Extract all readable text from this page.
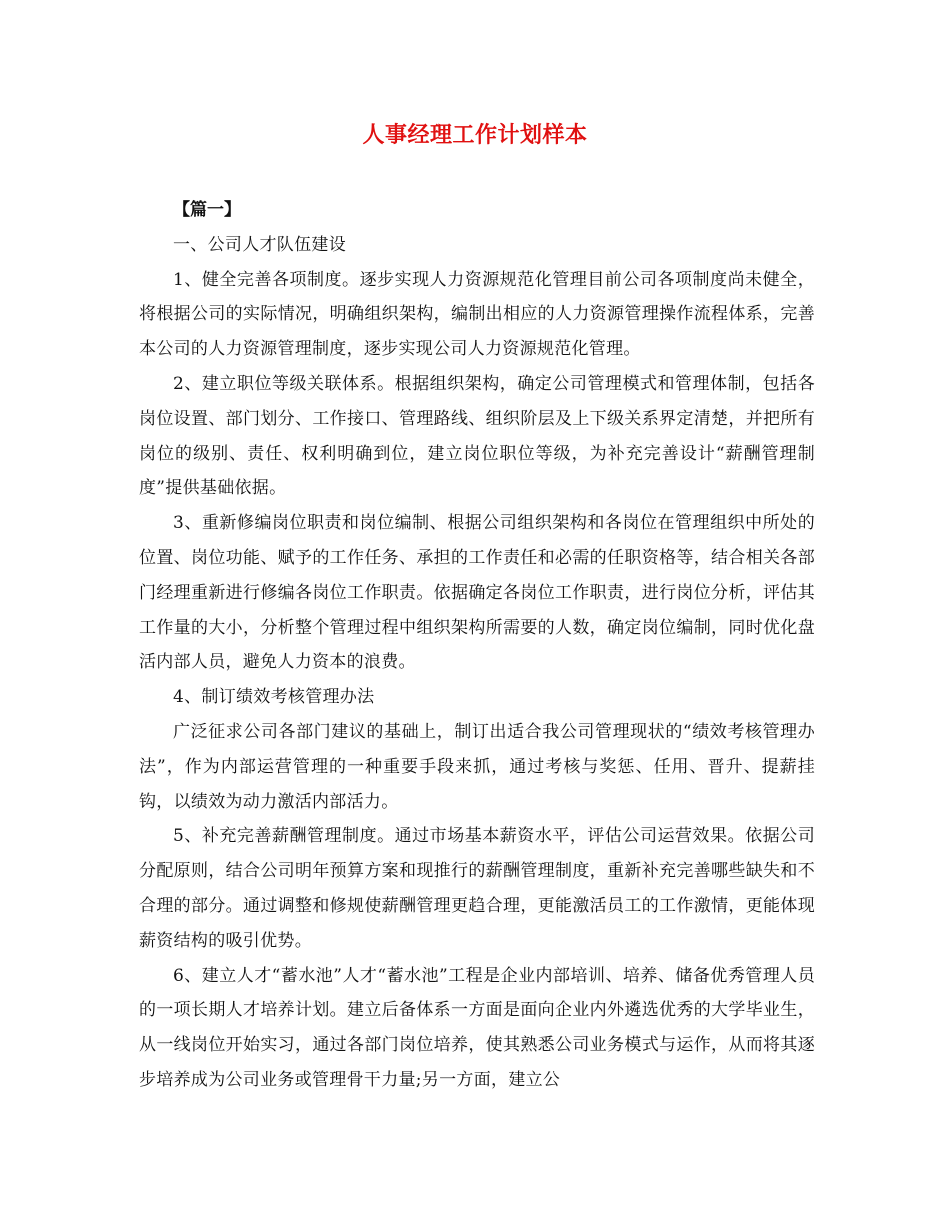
人事经理工作计划样本

【篇一】

一、公司人才队伍建设

1、健全完善各项制度。逐步实现人力资源规范化管理目前公司各项制度尚未健全，将根据公司的实际情况，明确组织架构，编制出相应的人力资源管理操作流程体系，完善本公司的人力资源管理制度，逐步实现公司人力资源规范化管理。

2、建立职位等级关联体系。根据组织架构，确定公司管理模式和管理体制，包括各岗位设置、部门划分、工作接口、管理路线、组织阶层及上下级关系界定清楚，并把所有岗位的级别、责任、权利明确到位，建立岗位职位等级，为补充完善设计“薪酬管理制度”提供基础依据。

3、重新修编岗位职责和岗位编制、根据公司组织架构和各岗位在管理组织中所处的位置、岗位功能、赋予的工作任务、承担的工作责任和必需的任职资格等，结合相关各部门经理重新进行修编各岗位工作职责。依据确定各岗位工作职责，进行岗位分析，评估其工作量的大小，分析整个管理过程中组织架构所需要的人数，确定岗位编制，同时优化盘活内部人员，避免人力资本的浪费。

4、制订绩效考核管理办法

广泛征求公司各部门建议的基础上，制订出适合我公司管理现状的“绩效考核管理办法”，作为内部运营管理的一种重要手段来抓，通过考核与奖惩、任用、晋升、提薪挂钩，以绩效为动力激活内部活力。

5、补充完善薪酬管理制度。通过市场基本薪资水平，评估公司运营效果。依据公司分配原则，结合公司明年预算方案和现推行的薪酬管理制度，重新补充完善哪些缺失和不合理的部分。通过调整和修规使薪酬管理更趋合理，更能激活员工的工作激情，更能体现薪资结构的吸引优势。

6、建立人才“蓄水池”人才“蓄水池”工程是企业内部培训、培养、储备优秀管理人员的一项长期人才培养计划。建立后备体系一方面是面向企业内外遴选优秀的大学毕业生，从一线岗位开始实习，通过各部门岗位培养，使其熟悉公司业务模式与运作，从而将其逐步培养成为公司业务或管理骨干力量;另一方面，建立公
